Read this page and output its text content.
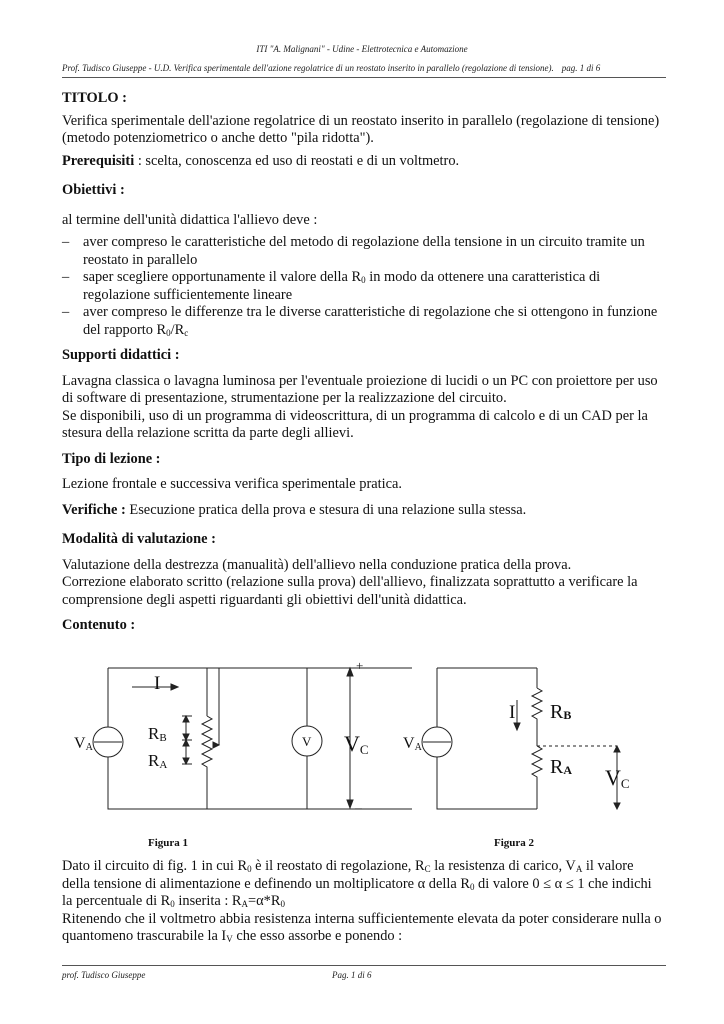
ITI "A. Malignani" - Udine - Elettrotecnica e Automazione
Prof. Tudisco Giuseppe - U.D. Verifica sperimentale dell'azione regolatrice di un reostato inserito in parallelo (regolazione di tensione). pag. 1 di 6
TITOLO :

Verifica sperimentale dell'azione regolatrice di un reostato inserito in parallelo (regolazione di tensione) (metodo potenziometrico o anche detto "pila ridotta").

Prerequisiti : scelta, conoscenza ed uso di reostati e di un voltmetro.

Obiettivi :

al termine dell'unità didattica l'allievo deve :

– aver compreso le caratteristiche del metodo di regolazione della tensione in un circuito tramite un reostato in parallelo
– saper scegliere opportunamente il valore della $R_0$ in modo da ottenere una caratteristica di regolazione sufficientemente lineare
– aver compreso le differenze tra le diverse caratteristiche di regolazione che si ottengono in funzione del rapporto $R_0/R_c$
Supporti didattici :

Lavagna classica o lavagna luminosa per l'eventuale proiezione di lucidi o un PC con proiettore per uso di software di presentazione, strumentazione per la realizzazione del circuito.

Se disponibili, uso di un programma di videoscrittura, di un programma di calcolo e di un CAD per la stesura della relazione scritta da parte degli allievi.

Tipo di lezione :

Lezione frontale e successiva verifica sperimentale pratica.

Verifiche : Esecuzione pratica della prova e stesura di una relazione sulla stessa.

Modalità di valutazione :

Valutazione della destrezza (manualità) dell'allievo nella conduzione pratica della prova.

Correzione elaborato scritto (relazione sulla prova) dell'allievo, finalizzata soprattutto a verificare la comprensione degli aspetti riguardanti gli obiettivi dell'unità didattica.

Contenuto :
I
RB
RA
VA	V VC
+
–
I RB
RA
VA
VC
Figura 1	Figura 2

Dato il circuito di fig. 1 in cui $R_0$ è il reostato di regolazione, $R_C$ la resistenza di carico, $V_A$ il valore della tensione di alimentazione e definendo un moltiplicatore α della $R_0$ di valore 0 ≤ α ≤ 1 che indichi la percentuale di $R_0$ inserita : $R_A=\alpha*R_0$

Ritenendo che il voltmetro abbia resistenza interna sufficientemente elevata da poter considerare nulla o quantomeno trascurabile la $I_V$ che esso assorbe e ponendo :

prof. Tudisco Giuseppe	Pag. 1 di 6
